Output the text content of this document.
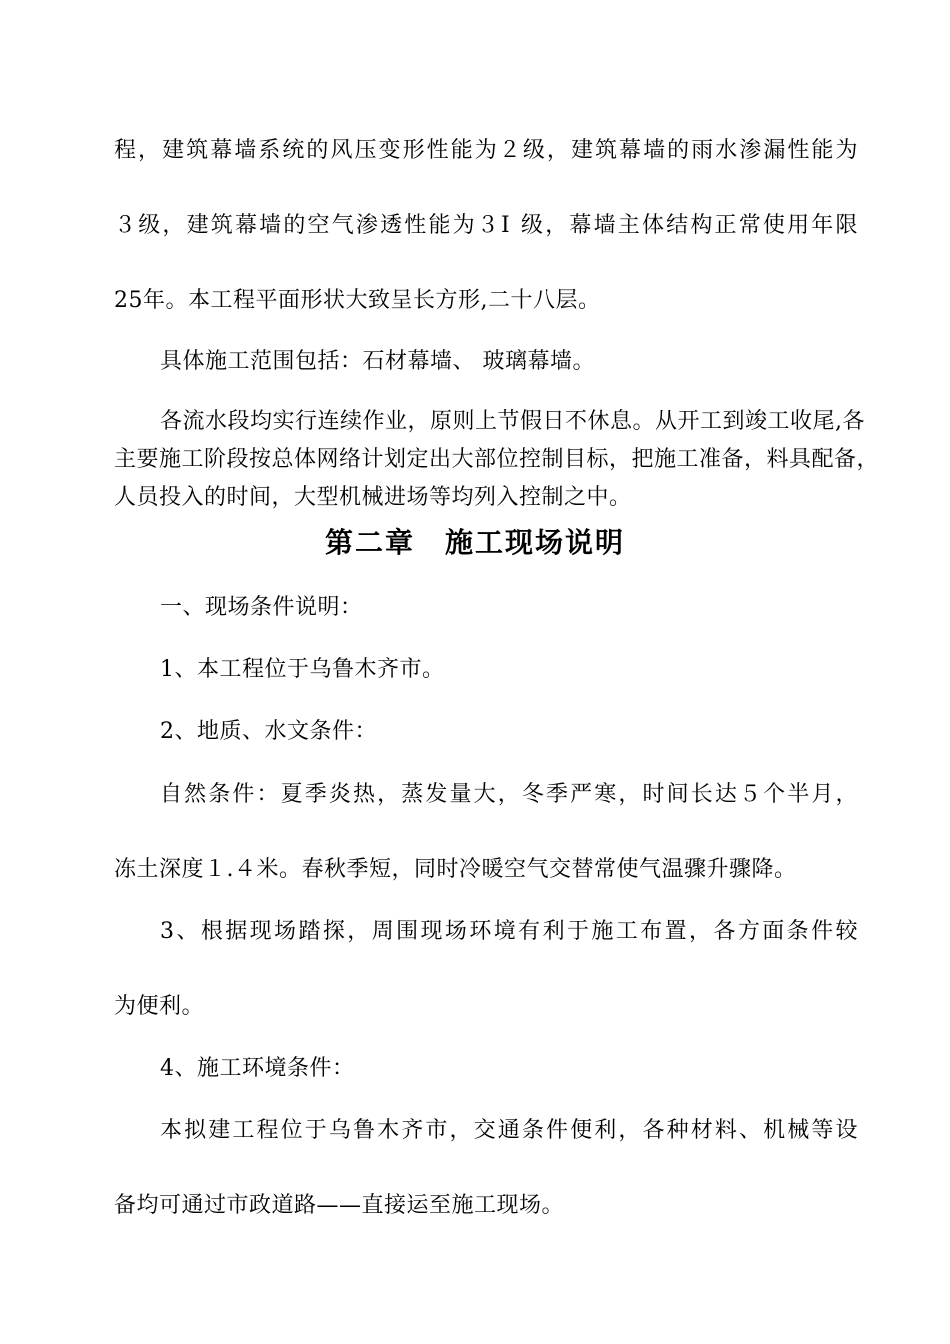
程，建筑幕墙系统的风压变形性能为２级，建筑幕墙的雨水渗漏性能为
３级，建筑幕墙的空气渗透性能为３Ⅰ 级，幕墙主体结构正常使用年限
25年。本工程平面形状大致呈长方形,二十八层。
具体施工范围包括：石材幕墙、 玻璃幕墙。
各流水段均实行连续作业，原则上节假日不休息。从开工到竣工收尾,各
主要施工阶段按总体网络计划定出大部位控制目标，把施工准备，料具配备，
人员投入的时间，大型机械进场等均列入控制之中。
第二章　施工现场说明
一、现场条件说明：
1、本工程位于乌鲁木齐市。
2、地质、水文条件：
自然条件：夏季炎热，蒸发量大，冬季严寒，时间长达５个半月，
冻土深度１.４米。春秋季短，同时冷暖空气交替常使气温骤升骤降。
3、根据现场踏探，周围现场环境有利于施工布置，各方面条件较
为便利。
4、施工环境条件：
本拟建工程位于乌鲁木齐市，交通条件便利，各种材料、机械等设
备均可通过市政道路——直接运至施工现场。
